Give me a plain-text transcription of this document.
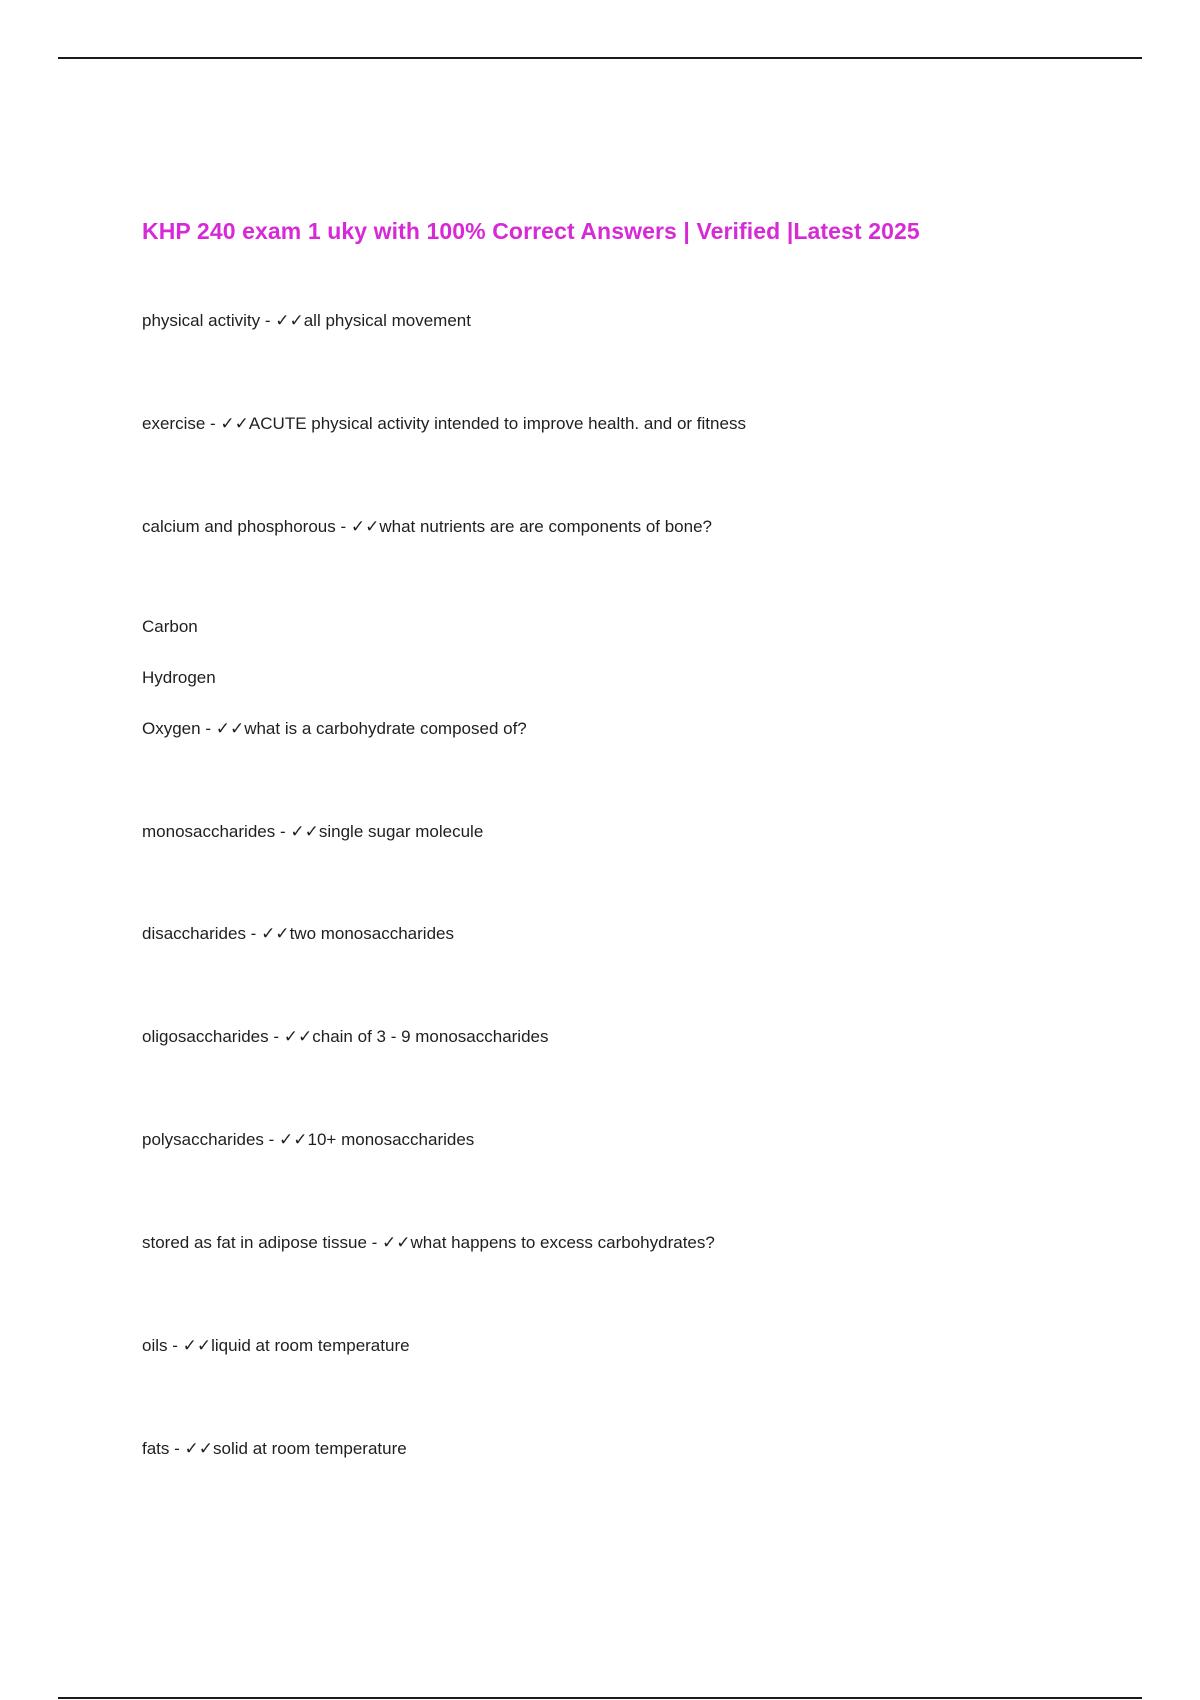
KHP 240 exam 1 uky with 100% Correct Answers | Verified |Latest 2025
physical activity - ✓✓all physical movement
exercise - ✓✓ACUTE physical activity intended to improve health. and or fitness
calcium and phosphorous - ✓✓what nutrients are are components of bone?
Carbon
Hydrogen
Oxygen - ✓✓what is a carbohydrate composed of?
monosaccharides - ✓✓single sugar molecule
disaccharides - ✓✓two monosaccharides
oligosaccharides - ✓✓chain of 3 - 9 monosaccharides
polysaccharides - ✓✓10+ monosaccharides
stored as fat in adipose tissue - ✓✓what happens to excess carbohydrates?
oils - ✓✓liquid at room temperature
fats - ✓✓solid at room temperature
